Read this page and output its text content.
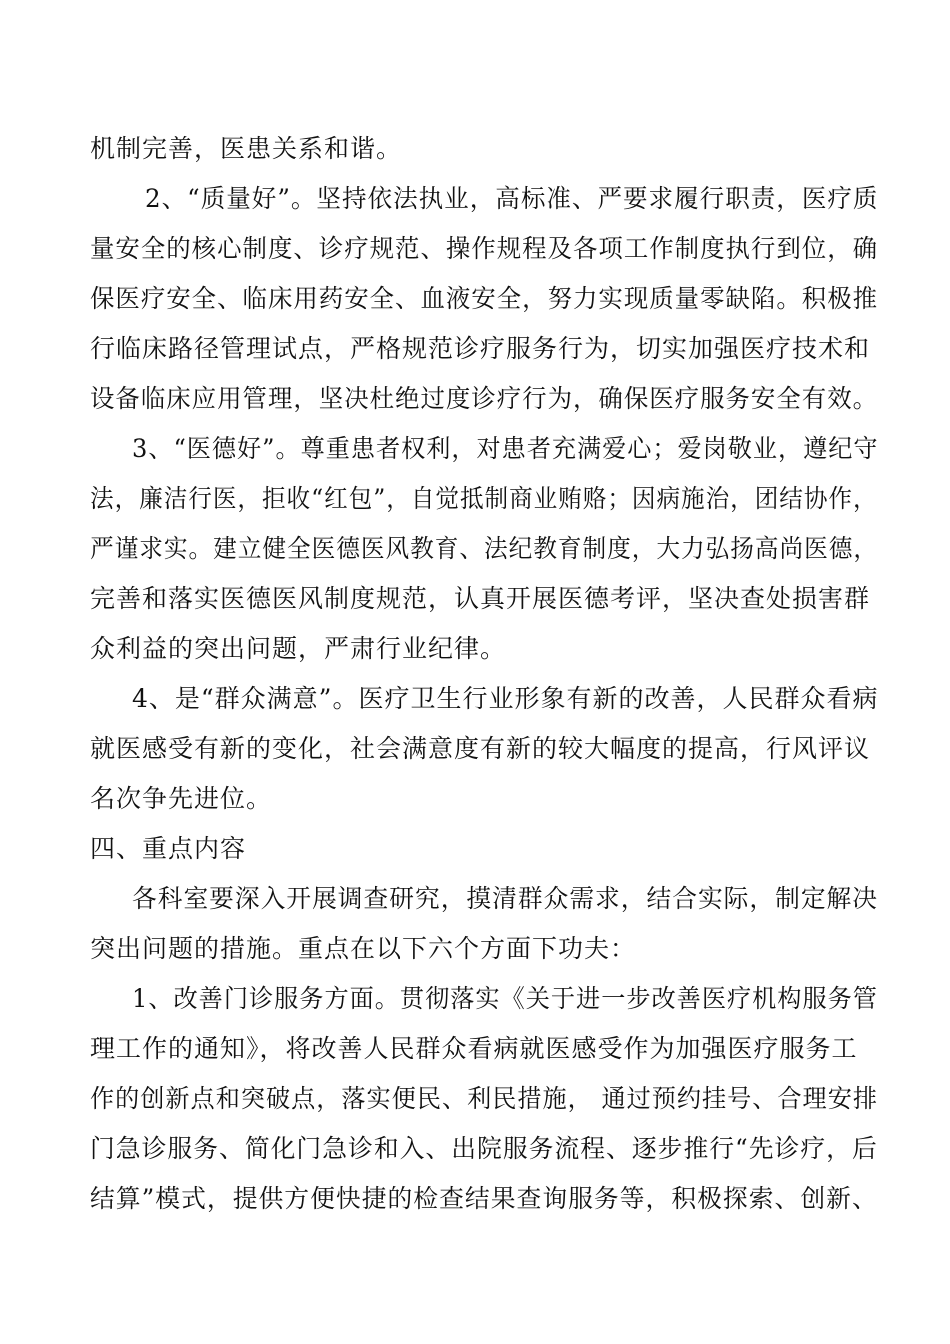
机制完善，医患关系和谐。
2、“质量好”。坚持依法执业，高标准、严要求履行职责，医疗质
量安全的核心制度、诊疗规范、操作规程及各项工作制度执行到位，确
保医疗安全、临床用药安全、血液安全，努力实现质量零缺陷。积极推
行临床路径管理试点，严格规范诊疗服务行为，切实加强医疗技术和
设备临床应用管理，坚决杜绝过度诊疗行为，确保医疗服务安全有效。
3、“医德好”。尊重患者权利，对患者充满爱心；爱岗敬业，遵纪守
法，廉洁行医，拒收“红包”，自觉抵制商业贿赂；因病施治，团结协作，
严谨求实。建立健全医德医风教育、法纪教育制度，大力弘扬高尚医德，
完善和落实医德医风制度规范，认真开展医德考评，坚决查处损害群
众利益的突出问题，严肃行业纪律。
4、是“群众满意”。医疗卫生行业形象有新的改善，人民群众看病
就医感受有新的变化，社会满意度有新的较大幅度的提高，行风评议
名次争先进位。
四、重点内容
各科室要深入开展调查研究，摸清群众需求，结合实际，制定解决
突出问题的措施。重点在以下六个方面下功夫：
1、改善门诊服务方面。贯彻落实《关于进一步改善医疗机构服务管
理工作的通知》，将改善人民群众看病就医感受作为加强医疗服务工
作的创新点和突破点，落实便民、利民措施， 通过预约挂号、合理安排
门急诊服务、简化门急诊和入、出院服务流程、逐步推行“先诊疗，后
结算”模式，提供方便快捷的检查结果查询服务等，积极探索、创新、
